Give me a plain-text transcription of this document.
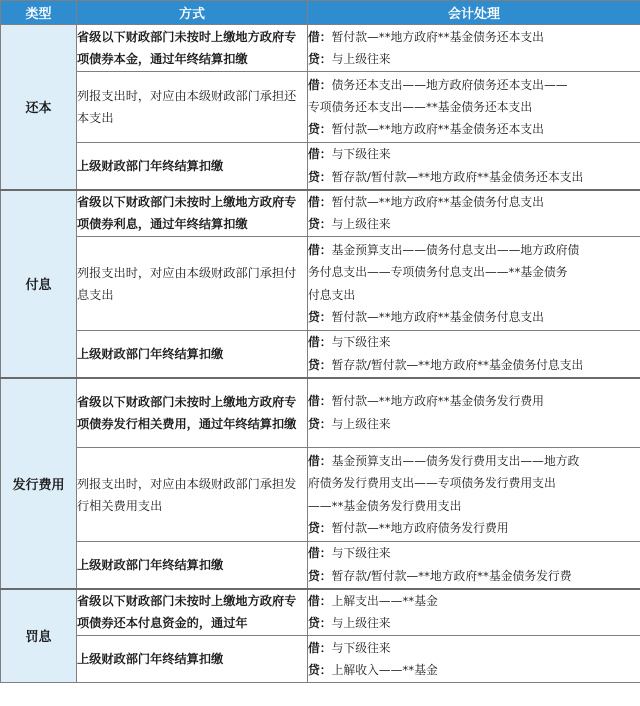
类型	方式	会计处理
还本	省级以下财政部门未按时上缴地方政府专项债券本金，通过年终结算扣缴	借：暂付款—**地方政府**基金债务还本支出
贷：与上级往来

	列报支出时，对应由本级财政部门承担还本支出	借：债务还本支出——地方政府债务还本支出——
专项债务还本支出——**基金债务还本支出
贷：暂付款—**地方政府**基金债务还本支出

	上级财政部门年终结算扣缴	借：与下级往来
贷：暂存款/暂付款—**地方政府**基金债务还本支出

付息	省级以下财政部门未按时上缴地方政府专项债券利息，通过年终结算扣缴	借：暂付款—**地方政府**基金债务付息支出
贷：与上级往来

	列报支出时，对应由本级财政部门承担付息支出	借：基金预算支出——债务付息支出——地方政府债
务付息支出——专项债务付息支出——**基金债务
付息支出
贷：暂付款—**地方政府**基金债务付息支出

	上级财政部门年终结算扣缴	借：与下级往来
贷：暂存款/暂付款—**地方政府**基金债务付息支出

发行费用	省级以下财政部门未按时上缴地方政府专项债券发行相关费用，通过年终结算扣缴	借：暂付款—**地方政府**基金债务发行费用
贷：与上级往来

	列报支出时，对应由本级财政部门承担发行相关费用支出	借：基金预算支出——债务发行费用支出——地方政
府债务发行费用支出——专项债务发行费用支出
——**基金债务发行费用支出
贷：暂付款—**地方政府债务发行费用

	上级财政部门年终结算扣缴	借：与下级往来
贷：暂存款/暂付款—**地方政府**基金债务发行费

罚息	省级以下财政部门未按时上缴地方政府专项债券还本付息资金的，通过年	借：上解支出——**基金
贷：与上级往来

	上级财政部门年终结算扣缴	借：与下级往来
贷：上解收入——**基金
